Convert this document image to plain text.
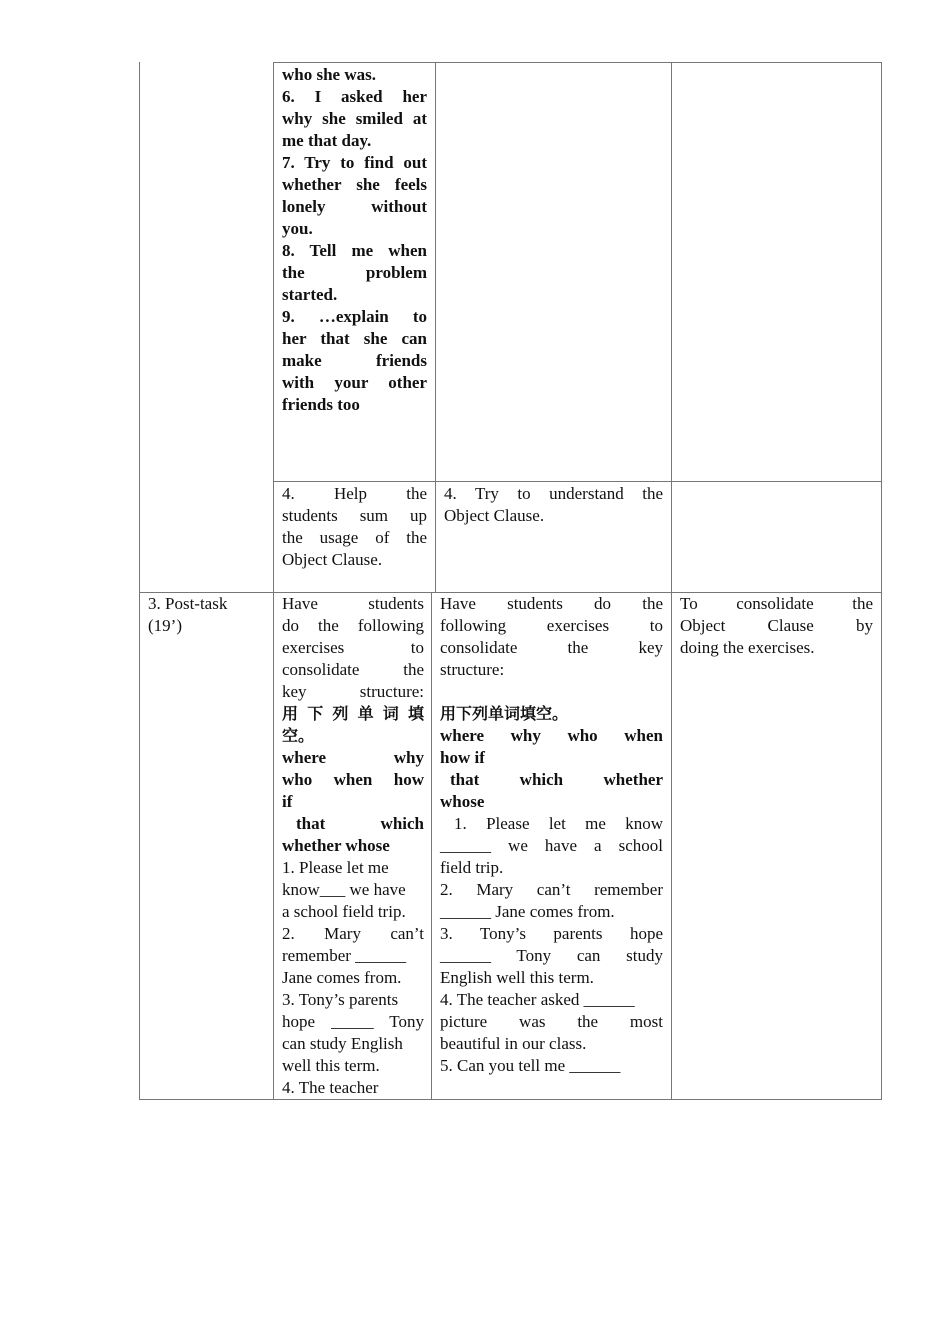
who she was.
6. I asked her
why she smiled at
me that day.
7. Try to find out
whether she feels
lonely without
you.
8. Tell me when
the problem
started.
9. …explain to
her that she can
make friends
with your other
friends too
4. Help the
students sum up
the usage of the
Object Clause.
4. Try to understand the
Object Clause.
3. Post-task
(19’)
Have students
do the following
exercises to
consolidate the
key structure:
用 下 列 单 词 填
空。
where why
who when how
if
that which
whether whose
1. Please let me
know___ we have
a school field trip.
2. Mary can’t
remember ______
Jane comes from.
3. Tony’s parents
hope _____ Tony
can study English
well this term.
4. The teacher
Have students do the
following exercises to
consolidate the key
structure:
用下列单词填空。
where why who when
how if
that which whether
whose
1. Please let me know
______ we have a school
field trip.
2. Mary can’t remember
______ Jane comes from.
3. Tony’s parents hope
______ Tony can study
English well this term.
4. The teacher asked ______
picture was the most
beautiful in our class.
5. Can you tell me ______
To consolidate the
Object Clause by
doing the exercises.
